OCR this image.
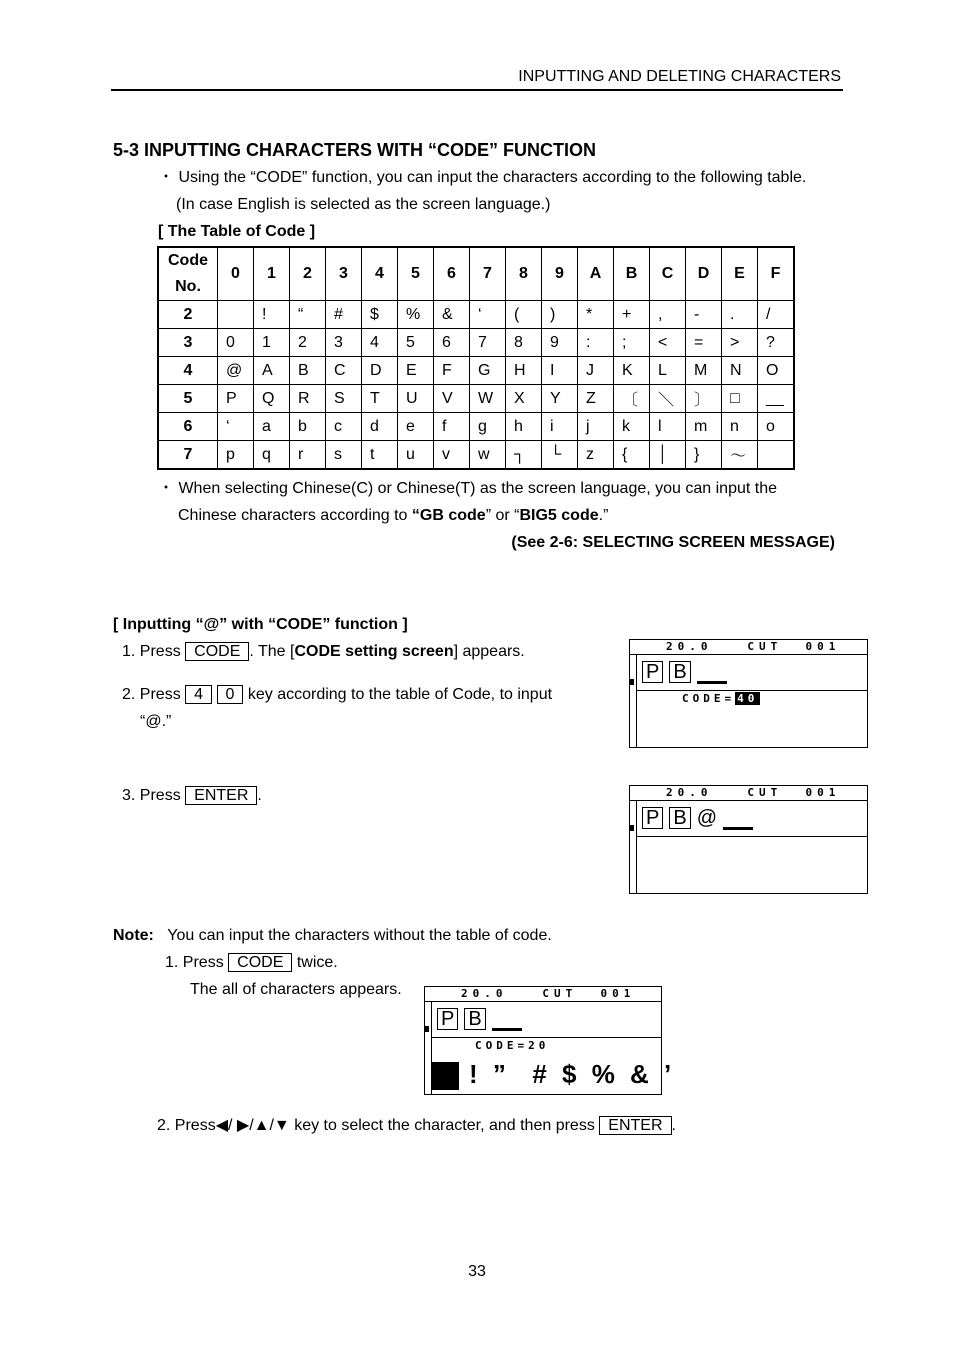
INPUTTING AND DELETING CHARACTERS
5-3 INPUTTING CHARACTERS WITH “CODE” FUNCTION
・ Using the “CODE” function, you can input the characters according to the following table.
(In case English is selected as the screen language.)
[ The Table of Code ]
Code
No.	0	1	2	3	4	5	6	7	8	9	A	B	C	D	E	F
2		!	“	#	$	%	&	‘	(	)	*	+	,	-	.	/
3	0	1	2	3	4	5	6	7	8	9	:	;	<	=	>	?
4	@	A	B	C	D	E	F	G	H	I	J	K	L	M	N	O
5	P	Q	R	S	T	U	V	W	X	Y	Z	〔	＼	〕	□	__
6	‘	a	b	c	d	e	f	g	h	i	j	k	l	m	n	o
7	p	q	r	s	t	u	v	w	┐	└	z	{	│	}	～	
・ When selecting Chinese(C) or Chinese(T) as the screen language, you can input the
Chinese characters according to “GB code” or “BIG5 code.”
(See 2-6: SELECTING SCREEN MESSAGE)
[ Inputting “@” with “CODE” function ]
1. Press CODE . The [CODE setting screen] appears.
2. Press 4 0 key according to the table of Code, to input
“@.”
3. Press ENTER .
20.0   CUT  001
P B
CODE= 40
20.0   CUT  001
P B @
Note: You can input the characters without the table of code.
1. Press CODE twice.
The all of characters appears.	20.0   CUT  001
P B
CODE=20
! ”  # $ % & ’
2. Press◀/ ▶/▲/▼ key to select the character, and then press ENTER .
33
